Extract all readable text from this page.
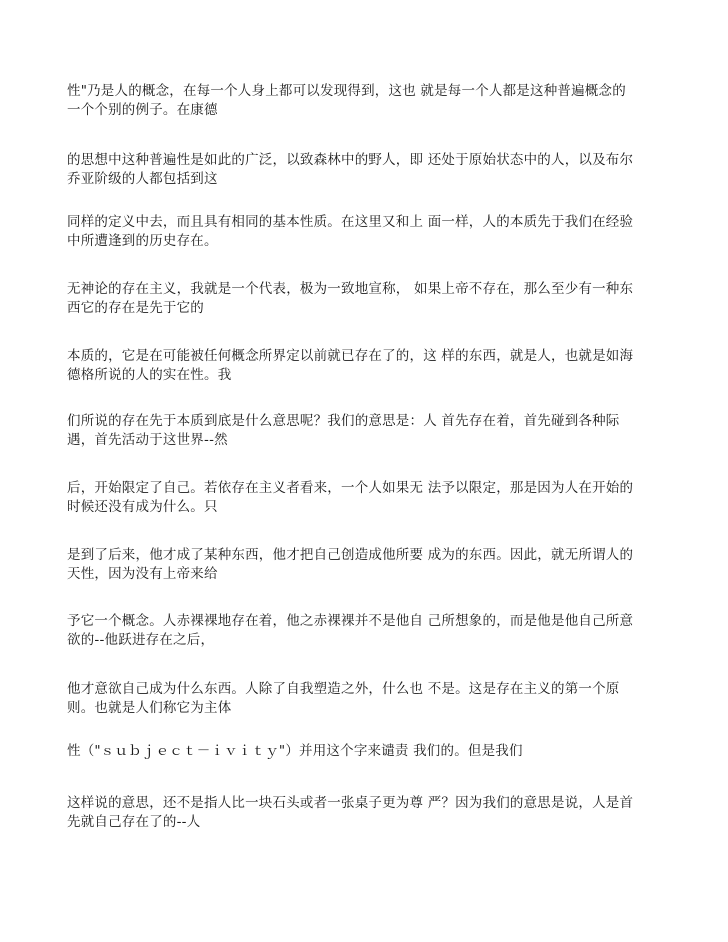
性"乃是人的概念，在每一个人身上都可以发现得到，这也 就是每一个人都是这种普遍概念的
一个个别的例子。在康德

的思想中这种普遍性是如此的广泛，以致森林中的野人，即 还处于原始状态中的人，以及布尔
乔亚阶级的人都包括到这

同样的定义中去，而且具有相同的基本性质。在这里又和上 面一样，人的本质先于我们在经验
中所遭逢到的历史存在。

无神论的存在主义，我就是一个代表，极为一致地宣称， 如果上帝不存在，那么至少有一种东
西它的存在是先于它的

本质的，它是在可能被任何概念所界定以前就已存在了的，这 样的东西，就是人，也就是如海
德格所说的人的实在性。我

们所说的存在先于本质到底是什么意思呢？我们的意思是：人 首先存在着，首先碰到各种际
遇，首先活动于这世界--然

后，开始限定了自己。若依存在主义者看来，一个人如果无 法予以限定，那是因为人在开始的
时候还没有成为什么。只

是到了后来，他才成了某种东西，他才把自己创造成他所要 成为的东西。因此，就无所谓人的
天性，因为没有上帝来给

予它一个概念。人赤裸裸地存在着，他之赤裸裸并不是他自 己所想象的，而是他是他自己所意
欲的--他跃进存在之后，

他才意欲自己成为什么东西。人除了自我塑造之外，什么也 不是。这是存在主义的第一个原
则。也就是人们称它为主体

性（"ｓｕｂｊｅｃｔ－ｉｖｉｔｙ"）并用这个字来谴责 我们的。但是我们

这样说的意思，还不是指人比一块石头或者一张桌子更为尊 严？因为我们的意思是说，人是首
先就自己存在了的--人
